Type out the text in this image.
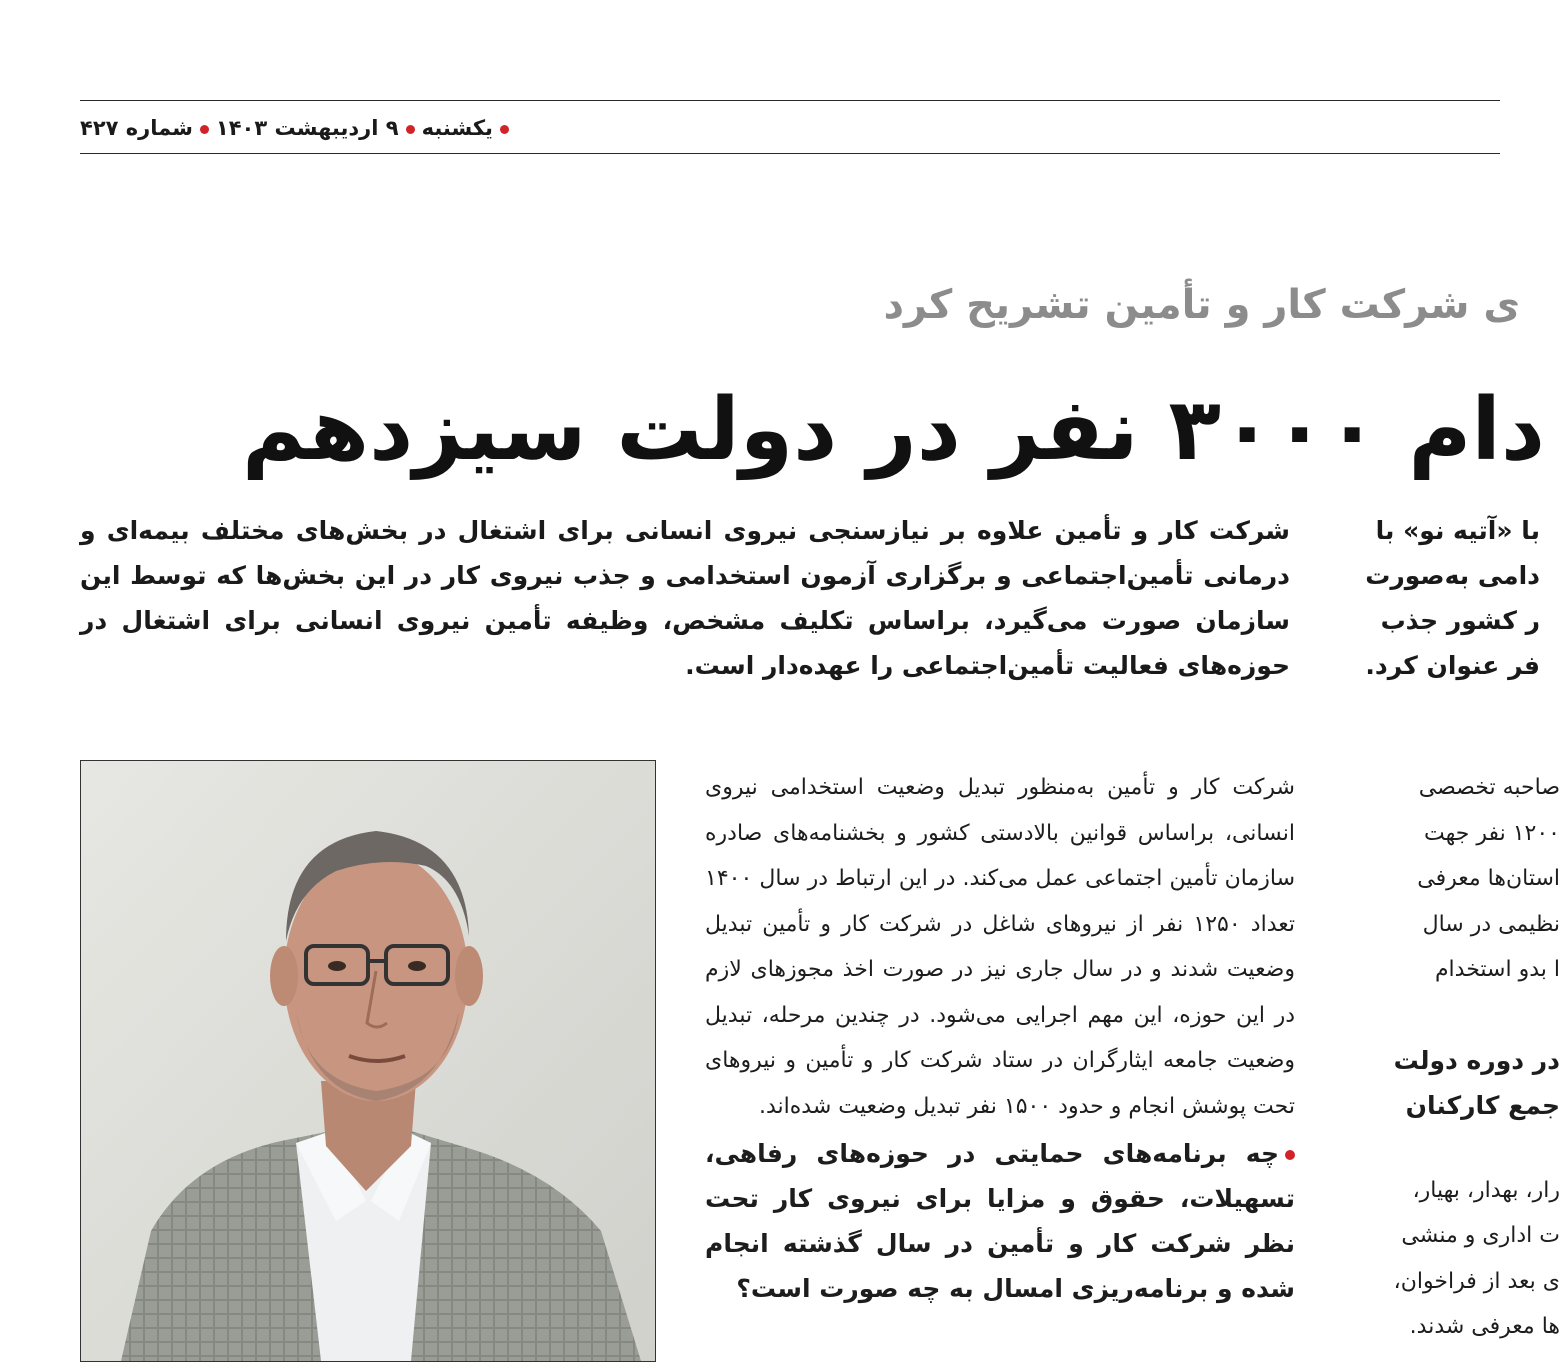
یکشنبه۹ اردیبهشت ۱۴۰۳شماره ۴۲۷
ی شرکت کار و تأمین تشریح کرد
دام ۳۰۰۰ نفر در دولت سیزدهم
شرکت کار و تأمین علاوه بر نیازسنجی نیروی انسانی برای اشتغال در بخش‌های مختلف بیمه‌ای و درمانی تأمین‌اجتماعی و برگزاری آزمون استخدامی و جذب نیروی کار در این بخش‌ها که توسط این سازمان صورت می‌گیرد، براساس تکلیف مشخص، وظیفه تأمین نیروی انسانی برای اشتغال در حوزه‌های فعالیت تأمین‌اجتماعی را عهده‌دار است.
با «آتیه نو» با
دامی به‌صورت
ر کشور جذب
فر عنوان کرد.
شرکت کار و تأمین به‌منظور تبدیل وضعیت استخدامی نیروی انسانی، براساس قوانین بالادستی کشور و بخشنامه‌های صادره سازمان تأمین اجتماعی عمل می‌کند. در این ارتباط در سال ۱۴۰۰ تعداد ۱۲۵۰ نفر از نیروهای شاغل در شرکت کار و تأمین تبدیل وضعیت شدند و در سال جاری نیز در صورت اخذ مجوزهای لازم در این حوزه، این مهم اجرایی می‌شود. در چندین مرحله، تبدیل وضعیت جامعه ایثارگران در ستاد شرکت کار و تأمین و نیروهای تحت پوشش انجام و حدود ۱۵۰۰ نفر تبدیل وضعیت شده‌اند.
چه برنامه‌های حمایتی در حوزه‌های رفاهی، تسهیلات، حقوق و مزایا برای نیروی کار تحت نظر شرکت کار و تأمین در سال گذشته انجام شده و برنامه‌ریزی امسال به چه صورت است؟
صاحبه تخصصی
۱۲۰۰ نفر جهت
استان‌ها معرفی
نظیمی در سال
ا بدو استخدام
در دوره دولت
جمع کارکنان
رار، بهدار، بهیار،
ت اداری و منشی
ی بعد از فراخوان،
ها معرفی شدند.
